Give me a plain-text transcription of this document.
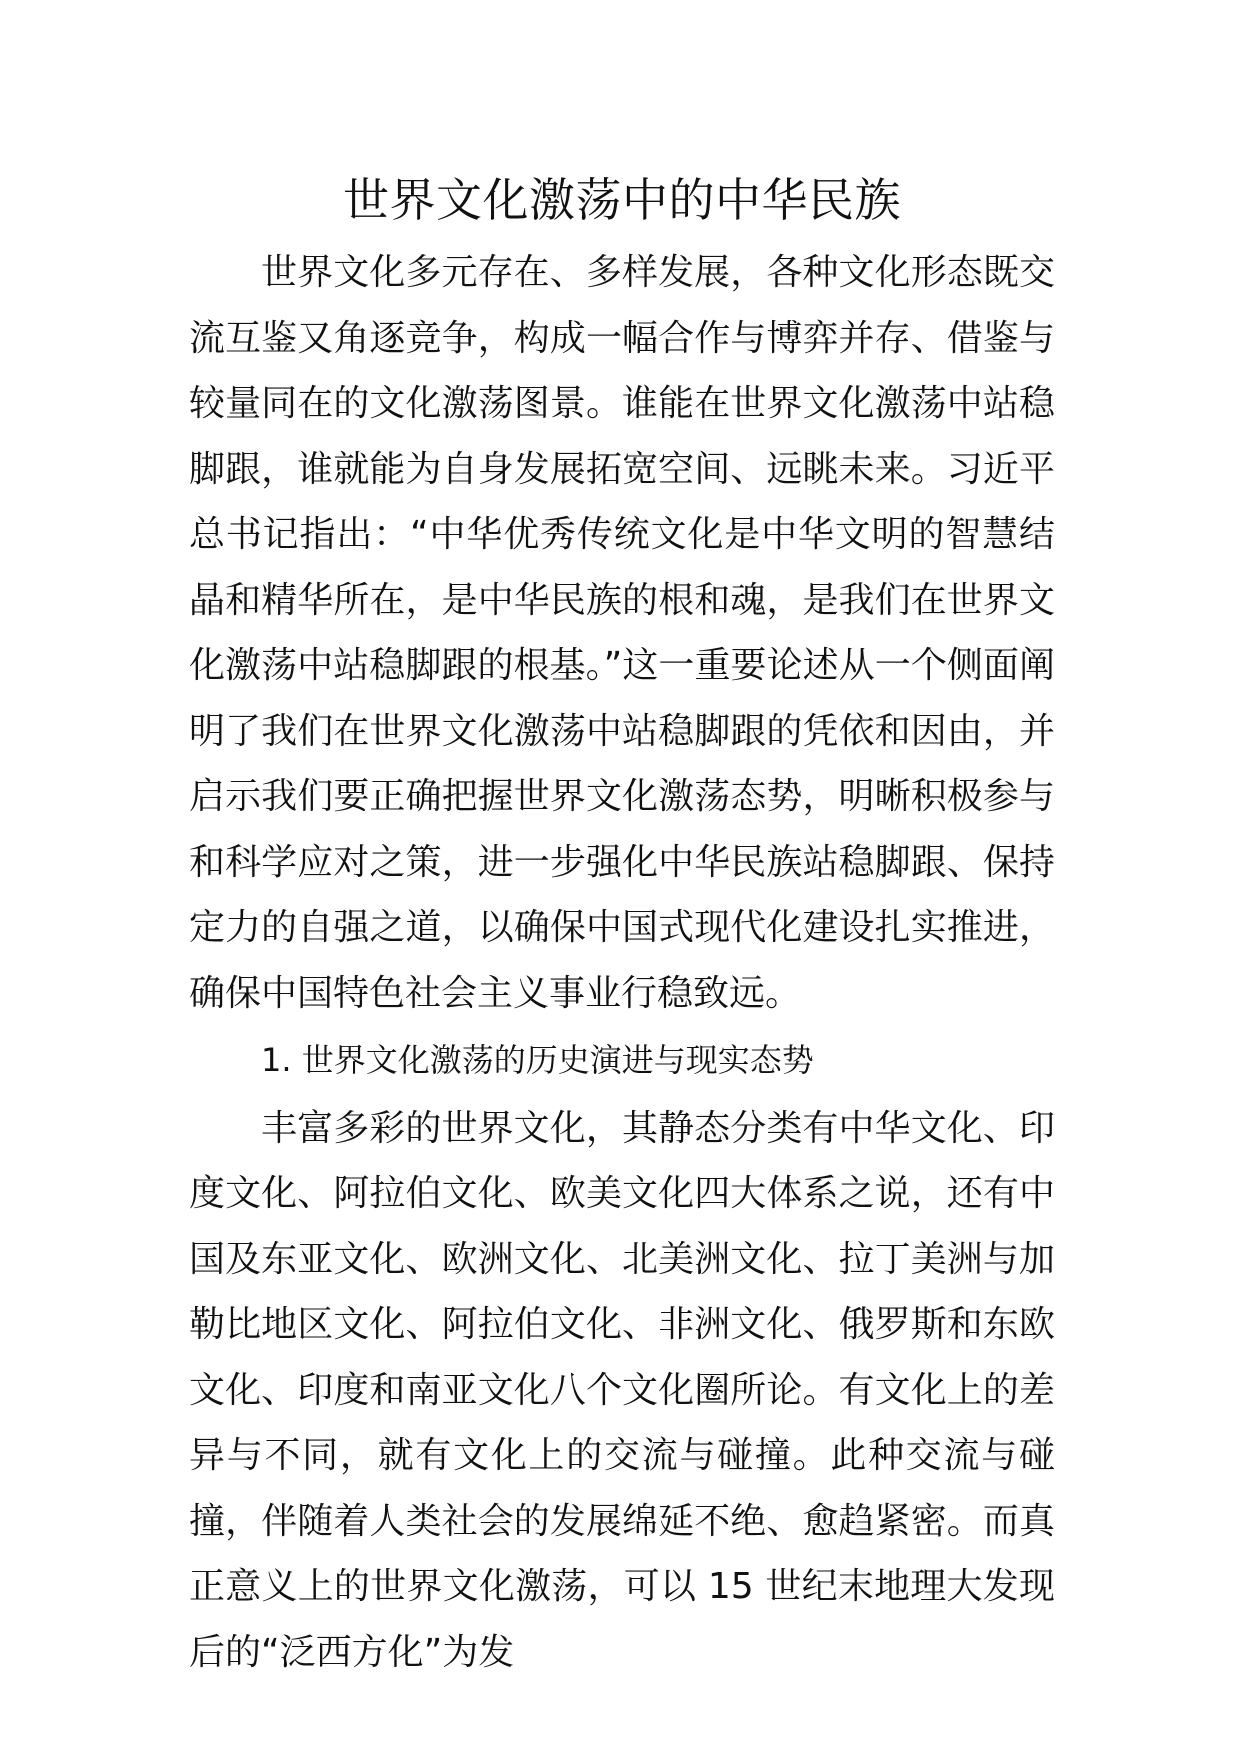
世界文化激荡中的中华民族

世界文化多元存在、多样发展，各种文化形态既交流互鉴又角逐竞争，构成一幅合作与博弈并存、借鉴与较量同在的文化激荡图景。谁能在世界文化激荡中站稳脚跟，谁就能为自身发展拓宽空间、远眺未来。习近平总书记指出：“中华优秀传统文化是中华文明的智慧结晶和精华所在，是中华民族的根和魂，是我们在世界文化激荡中站稳脚跟的根基。”这一重要论述从一个侧面阐明了我们在世界文化激荡中站稳脚跟的凭依和因由，并启示我们要正确把握世界文化激荡态势，明晰积极参与和科学应对之策，进一步强化中华民族站稳脚跟、保持定力的自强之道，以确保中国式现代化建设扎实推进，确保中国特色社会主义事业行稳致远。

1. 世界文化激荡的历史演进与现实态势

丰富多彩的世界文化，其静态分类有中华文化、印度文化、阿拉伯文化、欧美文化四大体系之说，还有中国及东亚文化、欧洲文化、北美洲文化、拉丁美洲与加勒比地区文化、阿拉伯文化、非洲文化、俄罗斯和东欧文化、印度和南亚文化八个文化圈所论。有文化上的差异与不同，就有文化上的交流与碰撞。此种交流与碰撞，伴随着人类社会的发展绵延不绝、愈趋紧密。而真正意义上的世界文化激荡，可以 15 世纪末地理大发现后的“泛西方化”为发
